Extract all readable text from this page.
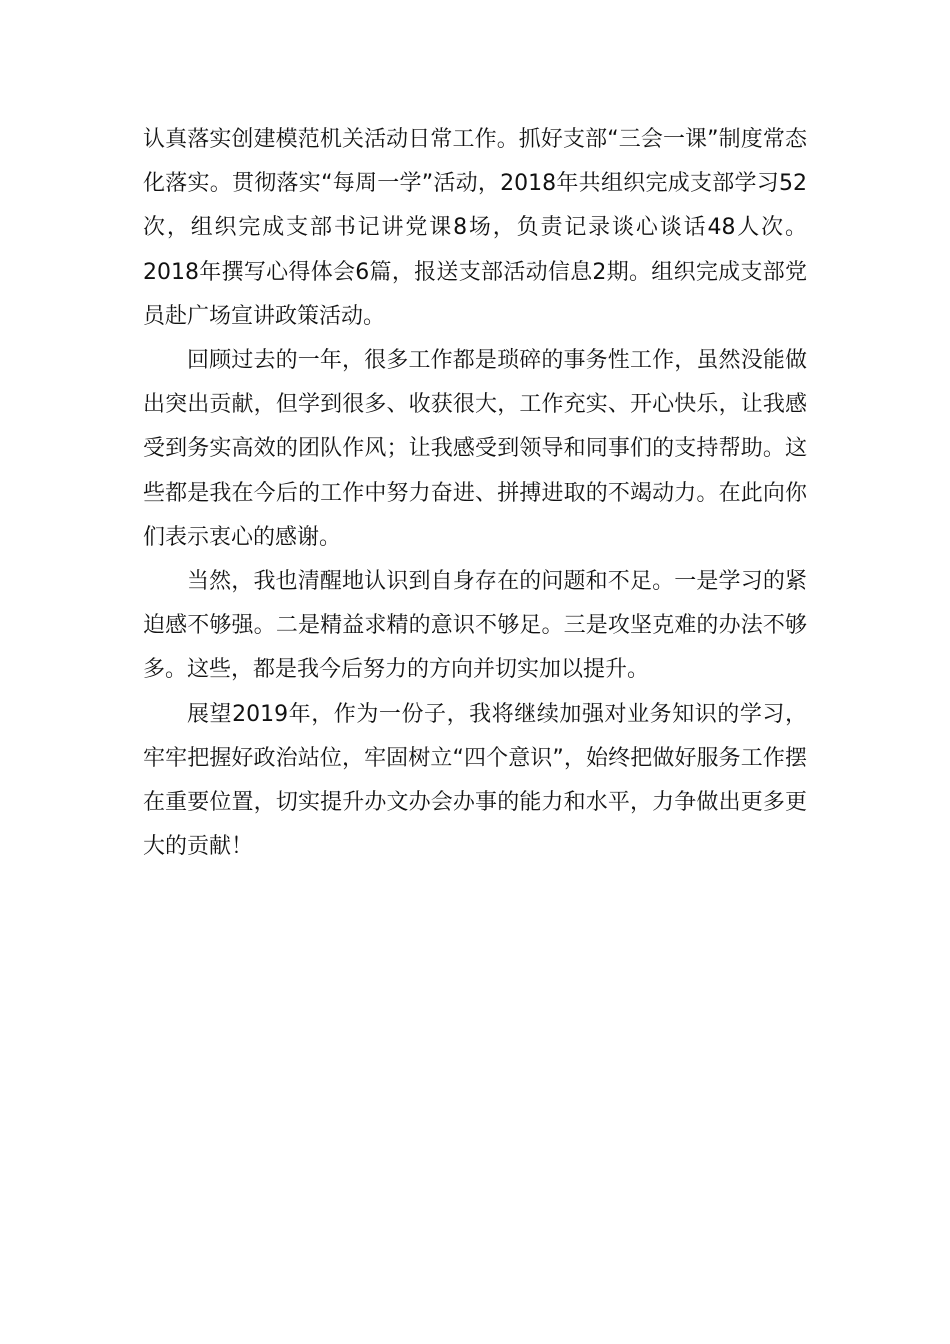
认真落实创建模范机关活动日常工作。抓好支部“三会一课”制度常态化落实。贯彻落实“每周一学”活动，2018年共组织完成支部学习52次，组织完成支部书记讲党课8场，负责记录谈心谈话48人次。2018年撰写心得体会6篇，报送支部活动信息2期。组织完成支部党员赴广场宣讲政策活动。

回顾过去的一年，很多工作都是琐碎的事务性工作，虽然没能做出突出贡献，但学到很多、收获很大，工作充实、开心快乐，让我感受到务实高效的团队作风；让我感受到领导和同事们的支持帮助。这些都是我在今后的工作中努力奋进、拼搏进取的不竭动力。在此向你们表示衷心的感谢。

当然，我也清醒地认识到自身存在的问题和不足。一是学习的紧迫感不够强。二是精益求精的意识不够足。三是攻坚克难的办法不够多。这些，都是我今后努力的方向并切实加以提升。

展望2019年，作为一份子，我将继续加强对业务知识的学习，牢牢把握好政治站位，牢固树立“四个意识”，始终把做好服务工作摆在重要位置，切实提升办文办会办事的能力和水平，力争做出更多更大的贡献！
